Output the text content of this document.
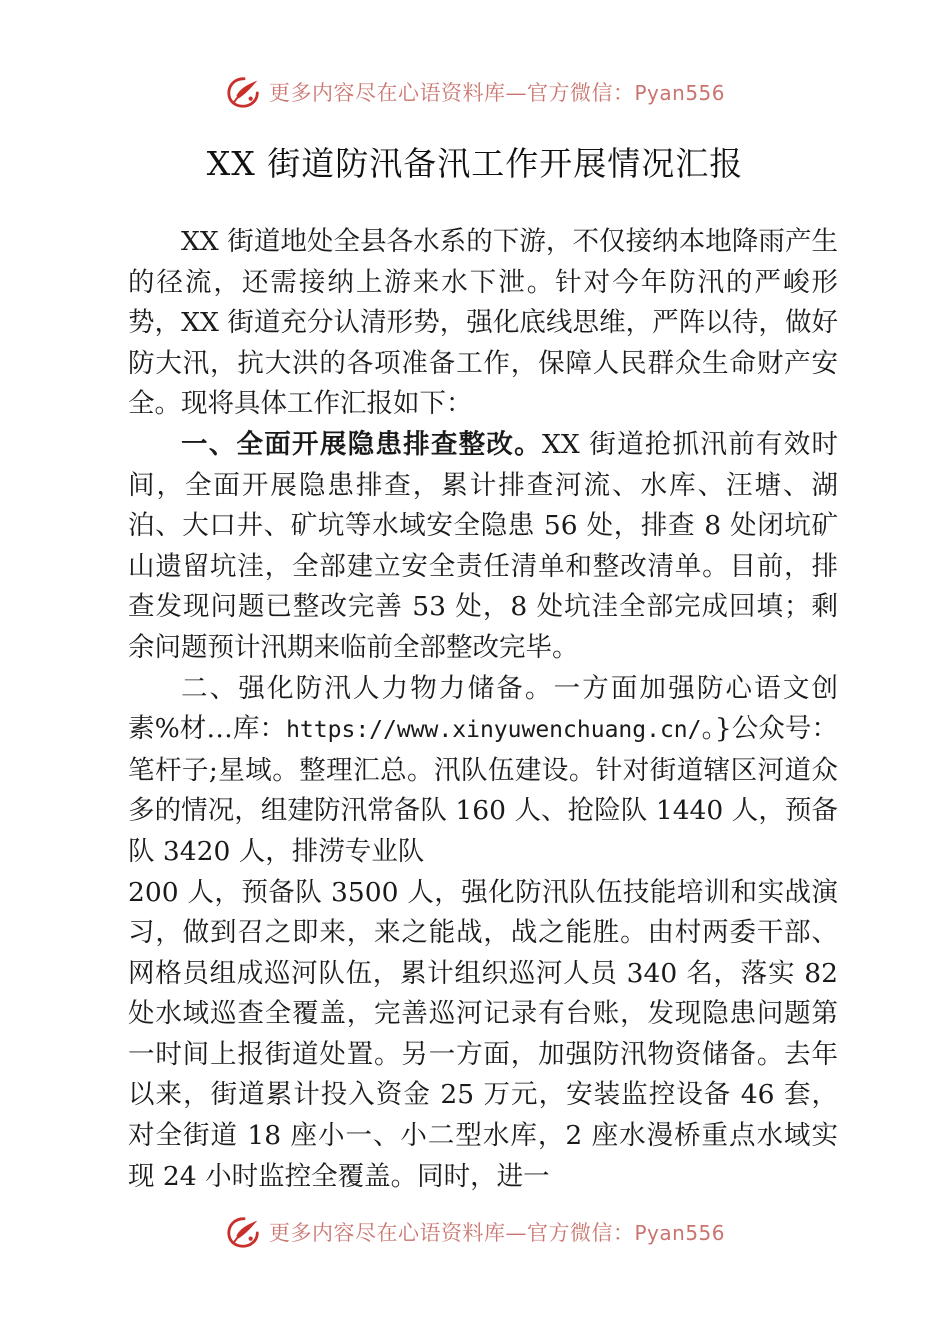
更多内容尽在心语资料库—官方微信：Pyan556
XX 街道防汛备汛工作开展情况汇报

XX 街道地处全县各水系的下游，不仅接纳本地降雨产生的径流，还需接纳上游来水下泄。针对今年防汛的严峻形势，XX 街道充分认清形势，强化底线思维，严阵以待，做好防大汛，抗大洪的各项准备工作，保障人民群众生命财产安全。现将具体工作汇报如下：

一、全面开展隐患排查整改。XX 街道抢抓汛前有效时间，全面开展隐患排查，累计排查河流、水库、汪塘、湖泊、大口井、矿坑等水域安全隐患 56 处，排查 8 处闭坑矿山遗留坑洼，全部建立安全责任清单和整改清单。目前，排查发现问题已整改完善 53 处，8 处坑洼全部完成回填；剩余问题预计汛期来临前全部整改完毕。

二、强化防汛人力物力储备。一方面加强防心语文创素%材…库：https://www.xinyuwenchuang.cn/。}公众号：笔杆子;星域。整理汇总。汛队伍建设。针对街道辖区河道众多的情况，组建防汛常备队 160 人、抢险队 1440 人，预备队 3420 人，排涝专业队

200 人，预备队 3500 人，强化防汛队伍技能培训和实战演习，做到召之即来，来之能战，战之能胜。由村两委干部、网格员组成巡河队伍，累计组织巡河人员 340 名，落实 82 处水域巡查全覆盖，完善巡河记录有台账，发现隐患问题第一时间上报街道处置。另一方面，加强防汛物资储备。去年以来，街道累计投入资金 25 万元，安装监控设备 46 套，对全街道 18 座小一、小二型水库，2 座水漫桥重点水域实现 24 小时监控全覆盖。同时，进一

更多内容尽在心语资料库—官方微信：Pyan556
